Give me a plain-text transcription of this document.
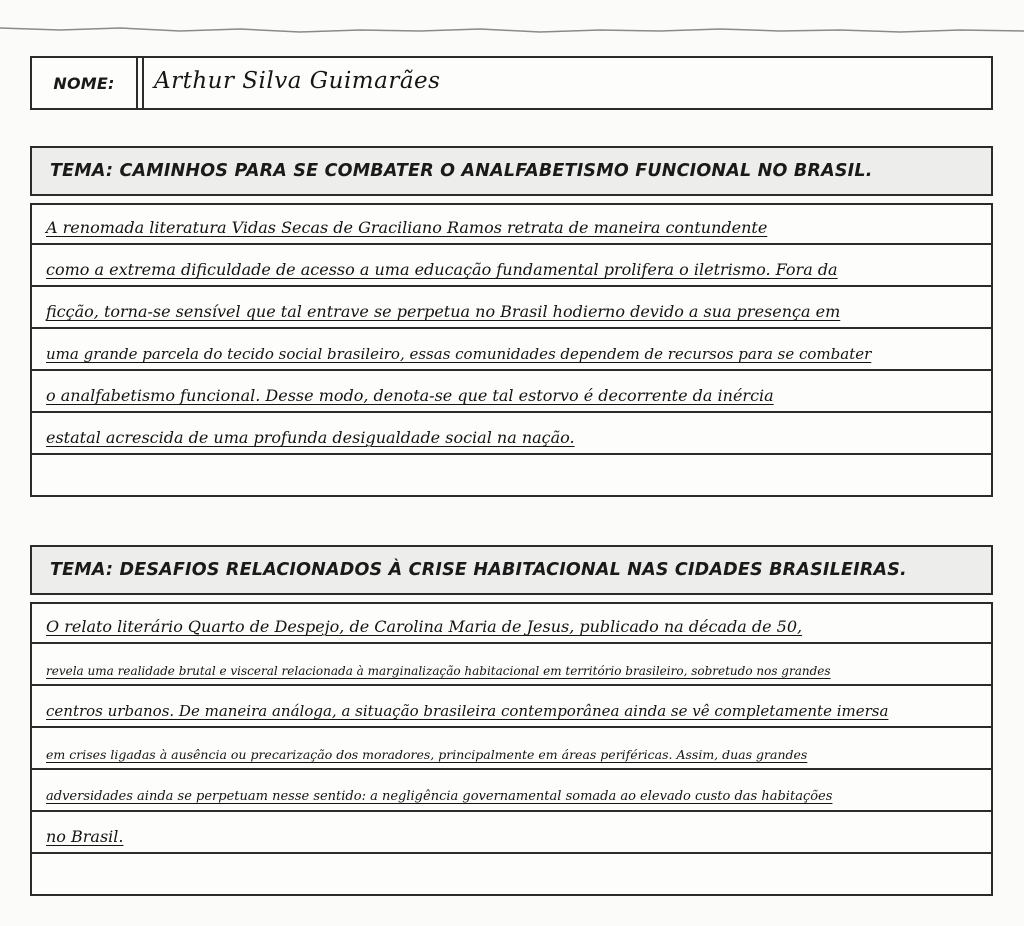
NOME: Arthur Silva Guimarães
TEMA: CAMINHOS PARA SE COMBATER O ANALFABETISMO FUNCIONAL NO BRASIL.
A renomada literatura Vidas Secas de Graciliano Ramos retrata de maneira contundente
como a extrema dificuldade de acesso a uma educação fundamental prolifera o iletrismo. Fora da
ficção, torna-se sensível que tal entrave se perpetua no Brasil hodierno devido a sua presença em
uma grande parcela do tecido social brasileiro, essas comunidades dependem de recursos para se combater
o analfabetismo funcional. Desse modo, denota-se que tal estorvo é decorrente da inércia
estatal acrescida de uma profunda desigualdade social na nação.
TEMA: DESAFIOS RELACIONADOS À CRISE HABITACIONAL NAS CIDADES BRASILEIRAS.
O relato literário Quarto de Despejo, de Carolina Maria de Jesus, publicado na década de 50,
revela uma realidade brutal e visceral relacionada à marginalização habitacional em território brasileiro, sobretudo nos grandes
centros urbanos. De maneira análoga, a situação brasileira contemporânea ainda se vê completamente imersa
em crises ligadas à ausência ou precarização dos moradores, principalmente em áreas periféricas. Assim, duas grandes
adversidades ainda se perpetuam nesse sentido: a negligência governamental somada ao elevado custo das habitações
no Brasil.
